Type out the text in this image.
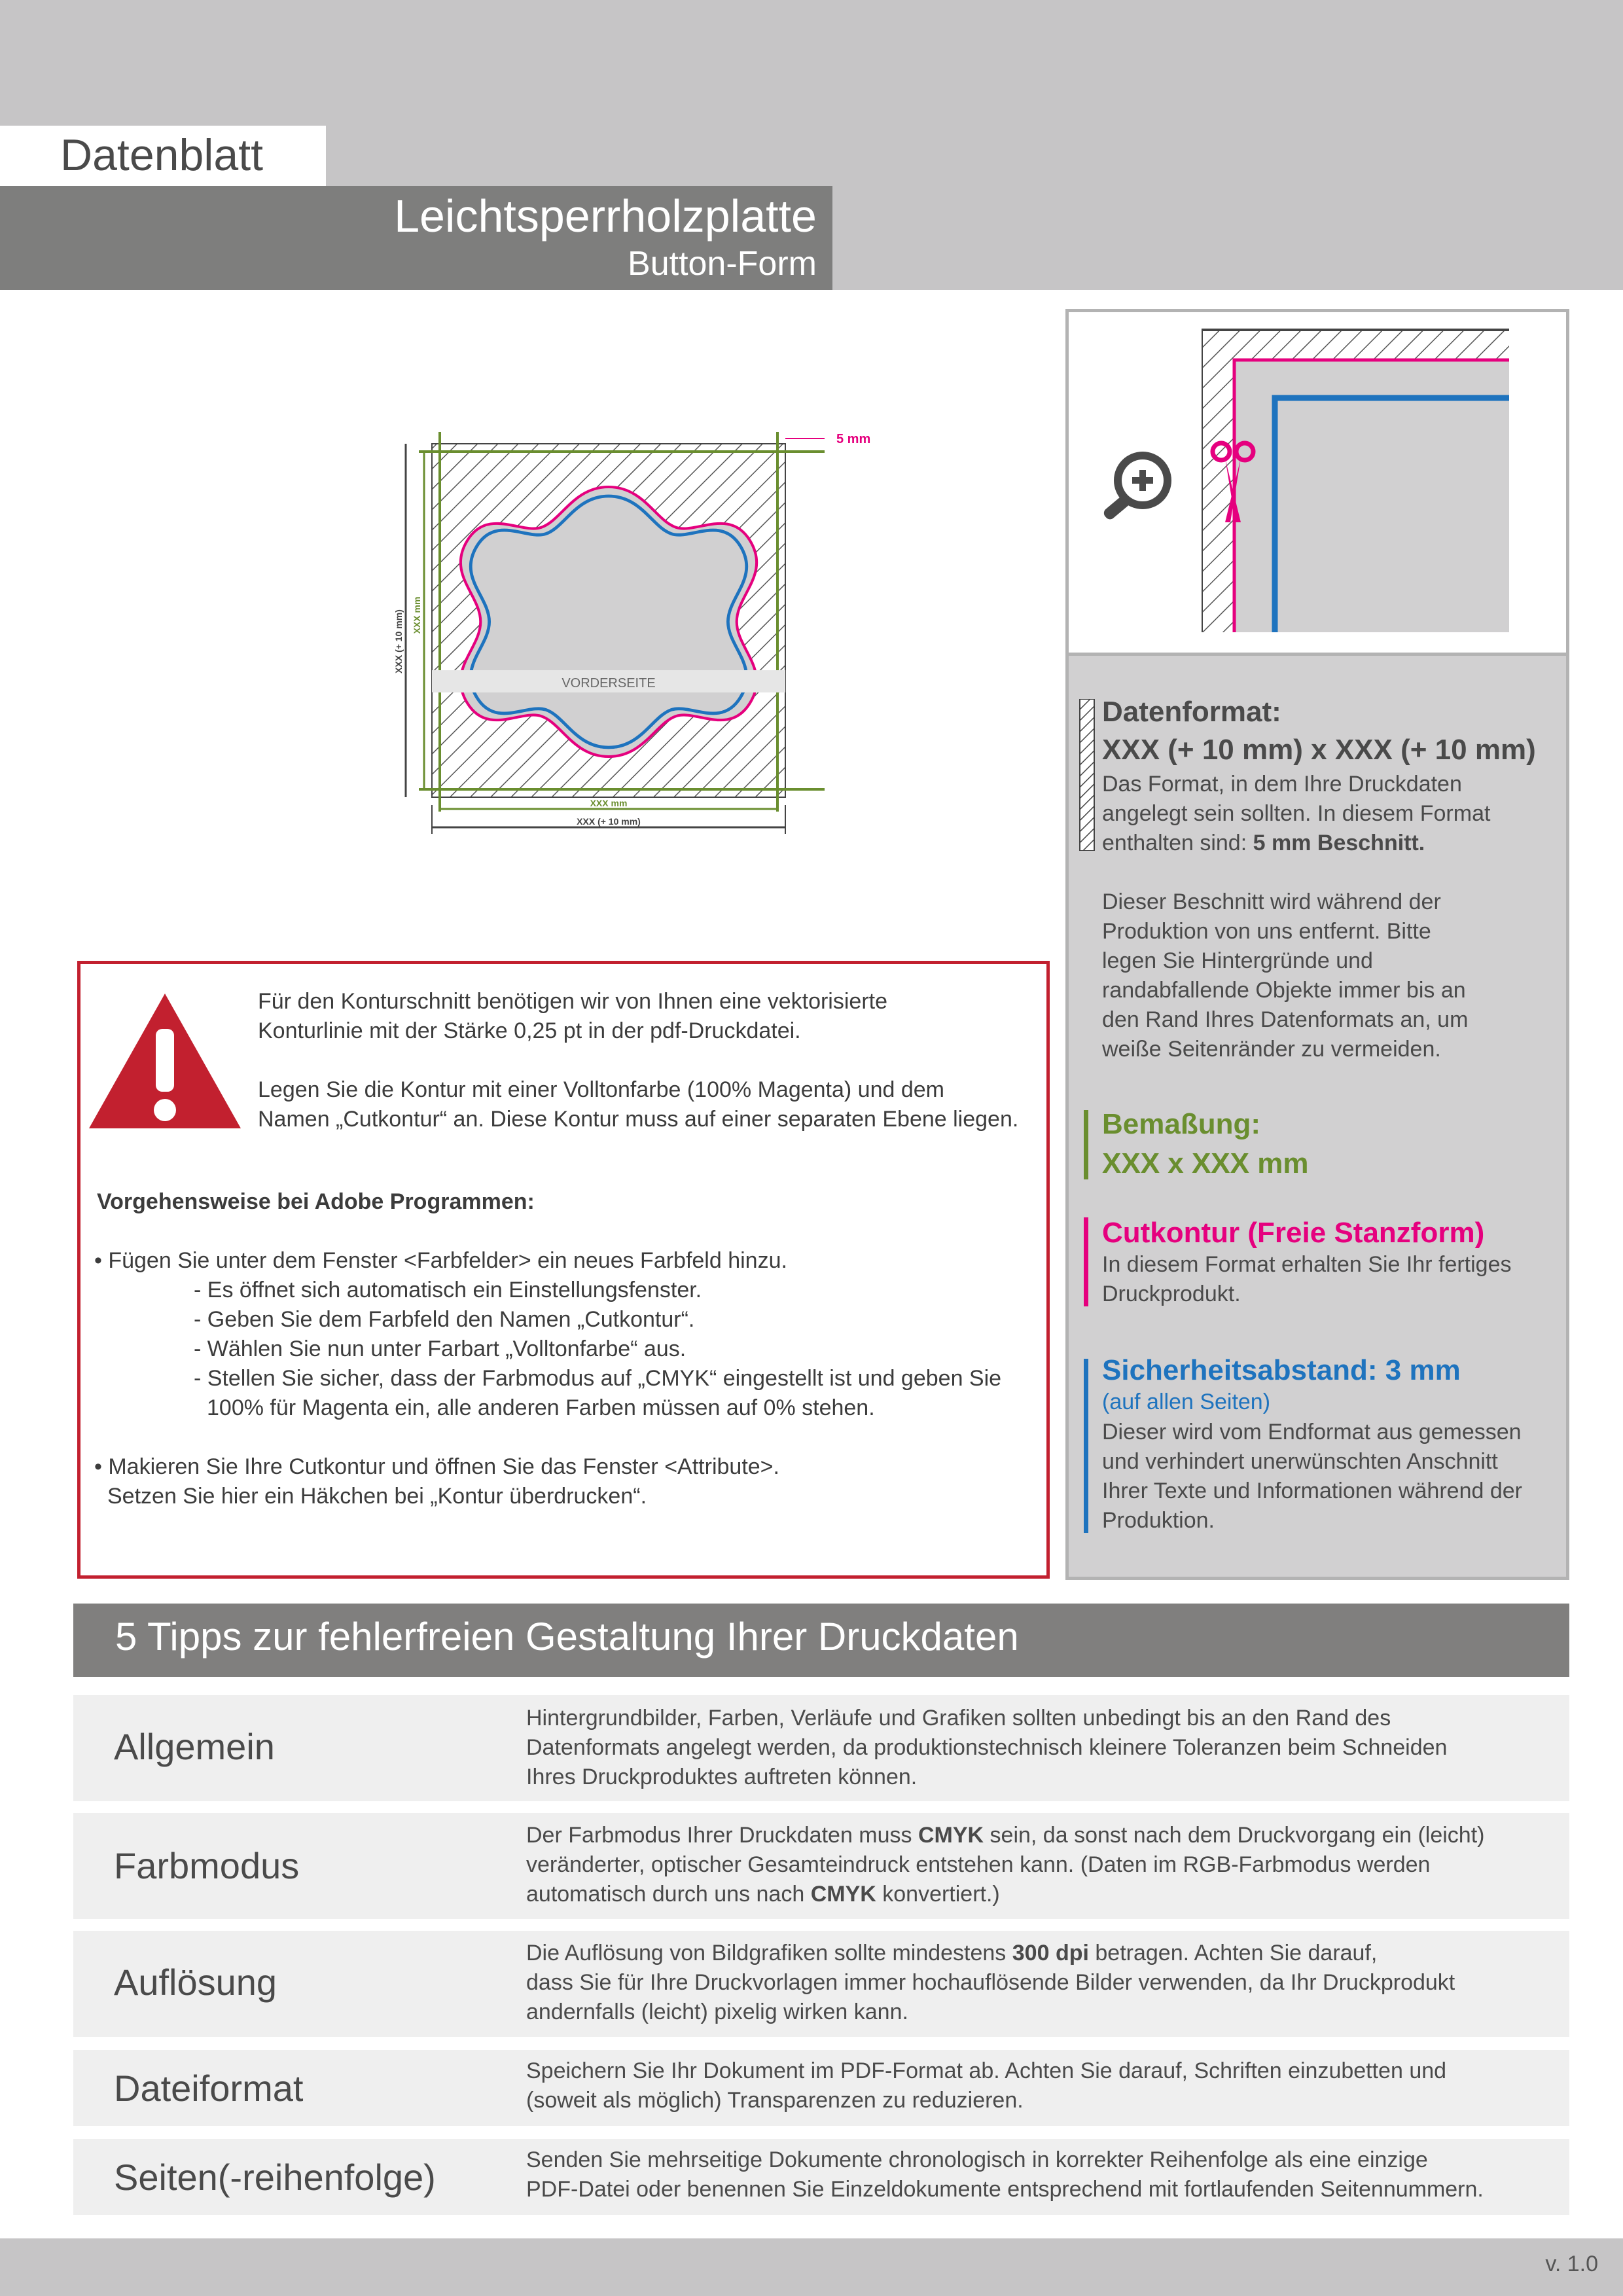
Datenblatt
Leichtsperrholzplatte
Button-Form
VORDERSEITE
5 mm
XXX (+ 10 mm) XXX mm
XXX mm
XXX (+ 10 mm)
Für den Konturschnitt benötigen wir von Ihnen eine vektorisierte
Konturlinie mit der Stärke 0,25 pt in der pdf-Druckdatei.
Legen Sie die Kontur mit einer Volltonfarbe (100% Magenta) und dem
Namen „Cutkontur“ an. Diese Kontur muss auf einer separaten Ebene liegen.
Vorgehensweise bei Adobe Programmen:
• Fügen Sie unter dem Fenster <Farbfelder> ein neues Farbfeld hinzu.
- Es öffnet sich automatisch ein Einstellungsfenster.
- Geben Sie dem Farbfeld den Namen „Cutkontur“.
- Wählen Sie nun unter Farbart „Volltonfarbe“ aus.
- Stellen Sie sicher, dass der Farbmodus auf „CMYK“ eingestellt ist und geben Sie
100% für Magenta ein, alle anderen Farben müssen auf 0% stehen.
• Makieren Sie Ihre Cutkontur und öffnen Sie das Fenster <Attribute>.
Setzen Sie hier ein Häkchen bei „Kontur überdrucken“.
Datenformat:
XXX (+ 10 mm) x XXX (+ 10 mm)
Das Format, in dem Ihre Druckdaten
angelegt sein sollten. In diesem Format
enthalten sind: 5 mm Beschnitt.
Dieser Beschnitt wird während der
Produktion von uns entfernt. Bitte
legen Sie Hintergründe und
randabfallende Objekte immer bis an
den Rand Ihres Datenformats an, um
weiße Seitenränder zu vermeiden.
Bemaßung:
XXX x XXX mm
Cutkontur (Freie Stanzform)
In diesem Format erhalten Sie Ihr fertiges
Druckprodukt.
Sicherheitsabstand: 3 mm
(auf allen Seiten)
Dieser wird vom Endformat aus gemessen
und verhindert unerwünschten Anschnitt
Ihrer Texte und Informationen während der
Produktion.
5 Tipps zur fehlerfreien Gestaltung Ihrer Druckdaten
Allgemein
Hintergrundbilder, Farben, Verläufe und Grafiken sollten unbedingt bis an den Rand des
Datenformats angelegt werden, da produktionstechnisch kleinere Toleranzen beim Schneiden
Ihres Druckproduktes auftreten können.
Farbmodus
Der Farbmodus Ihrer Druckdaten muss CMYK sein, da sonst nach dem Druckvorgang ein (leicht)
veränderter, optischer Gesamteindruck entstehen kann. (Daten im RGB-Farbmodus werden
automatisch durch uns nach CMYK konvertiert.)
Auflösung
Die Auflösung von Bildgrafiken sollte mindestens 300 dpi betragen. Achten Sie darauf,
dass Sie für Ihre Druckvorlagen immer hochauflösende Bilder verwenden, da Ihr Druckprodukt
andernfalls (leicht) pixelig wirken kann.
Dateiformat	Speichern Sie Ihr Dokument im PDF-Format ab. Achten Sie darauf, Schriften einzubetten und
(soweit als möglich) Transparenzen zu reduzieren.
Seiten(-reihenfolge)	Senden Sie mehrseitige Dokumente chronologisch in korrekter Reihenfolge als eine einzige
PDF-Datei oder benennen Sie Einzeldokumente entsprechend mit fortlaufenden Seitennummern.
v. 1.0
